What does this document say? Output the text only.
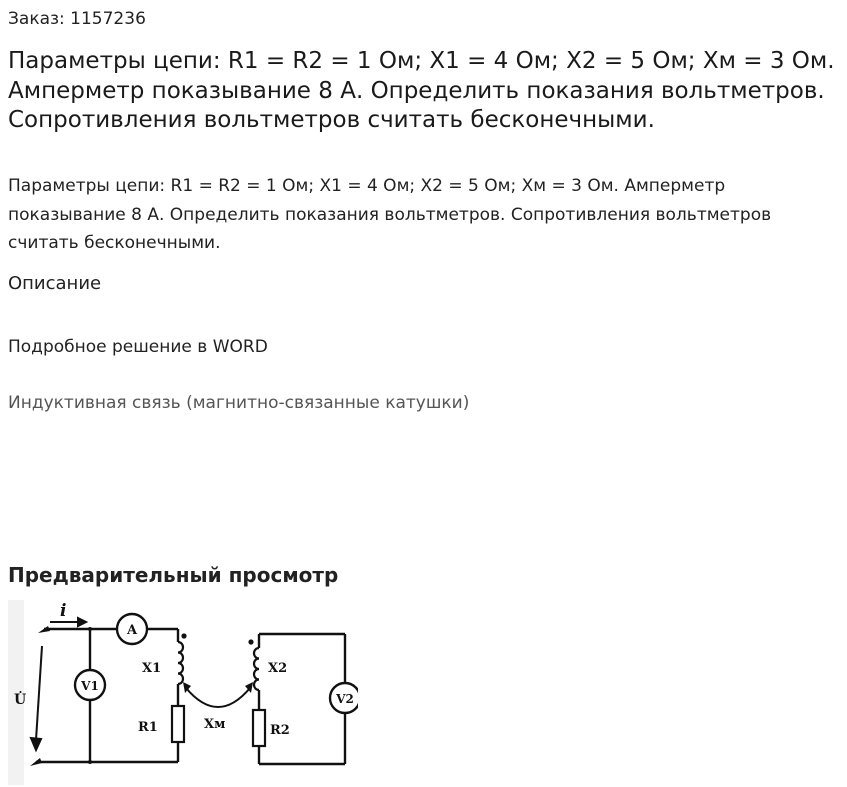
Заказ: 1157236
Параметры цепи: R1 = R2 = 1 Ом; X1 = 4 Ом; X2 = 5 Ом; Xм = 3 Ом. Амперметр показывание 8 А. Определить показания вольтметров. Сопротивления вольтметров считать бесконечными.
Параметры цепи: R1 = R2 = 1 Ом; X1 = 4 Ом; X2 = 5 Ом; Xм = 3 Ом. Амперметр показывание 8 А. Определить показания вольтметров. Сопротивления вольтметров считать бесконечными.
Описание
Подробное решение в WORD
Индуктивная связь (магнитно-связанные катушки)
Предварительный просмотр
i
U̇
A
V1
V2
X1	X2
Xм
R1	R2
